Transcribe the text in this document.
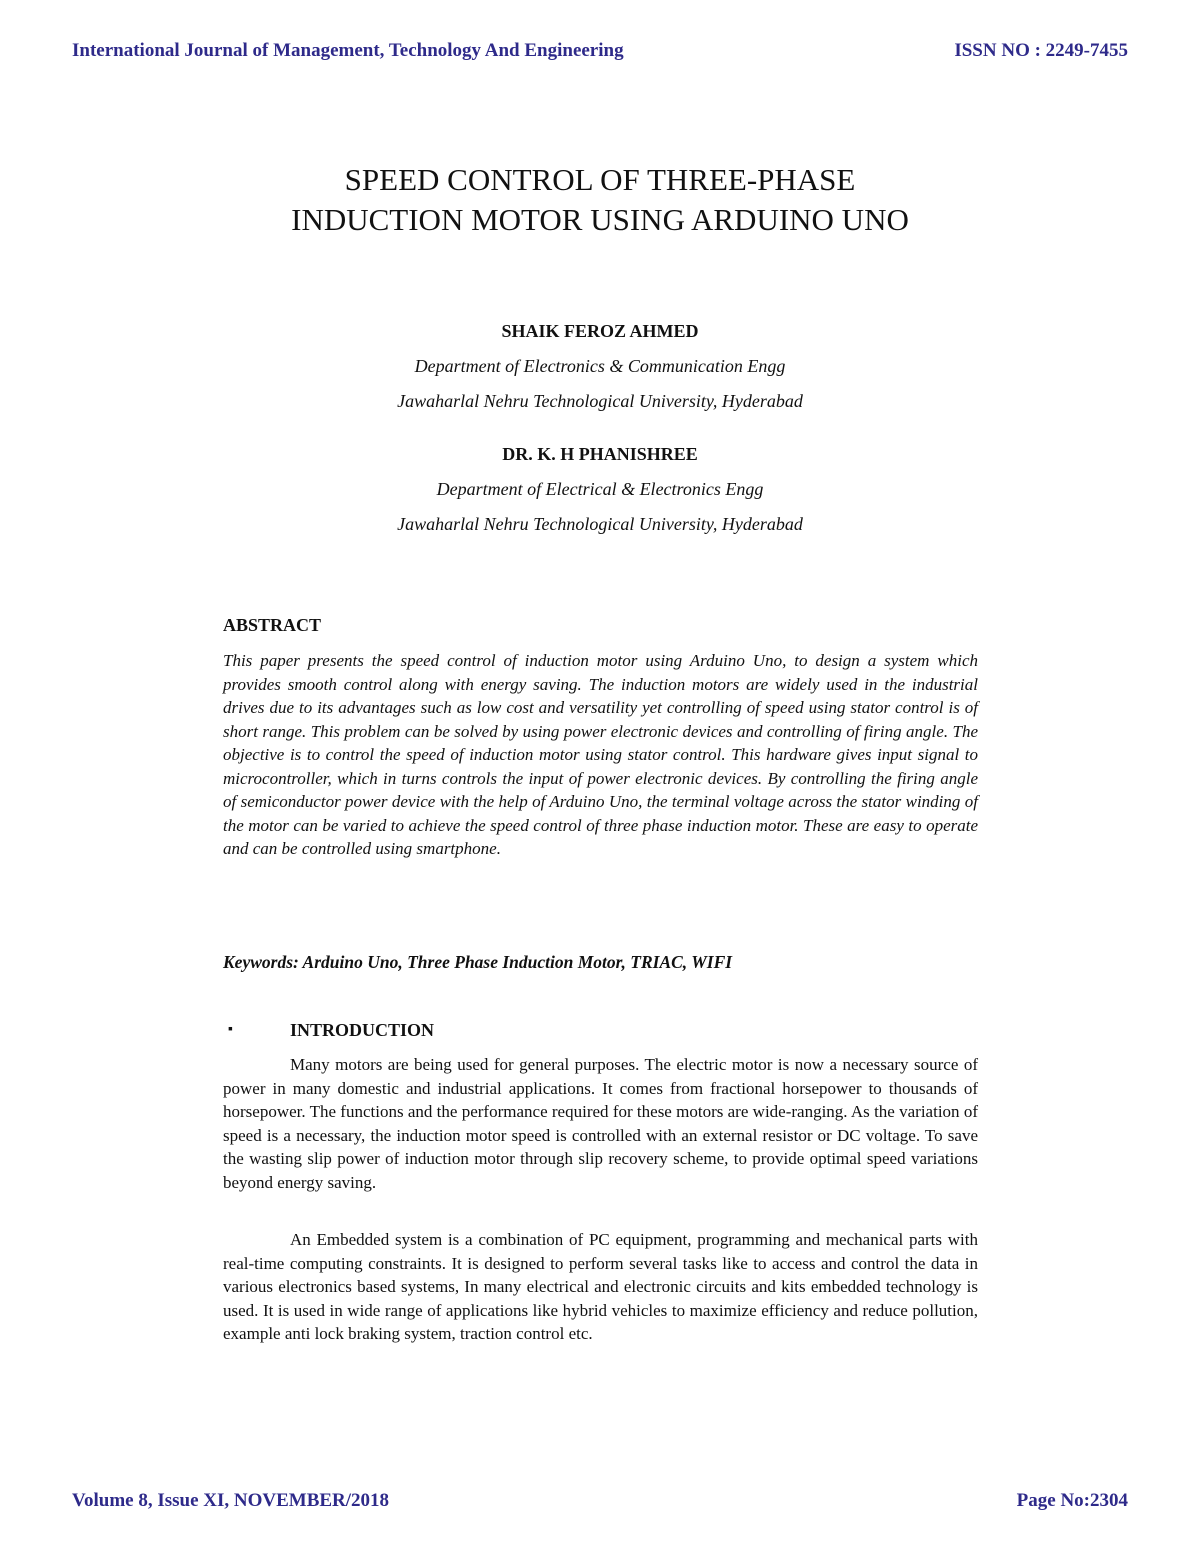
International Journal of Management, Technology And Engineering	ISSN NO : 2249-7455
SPEED CONTROL OF THREE-PHASE
INDUCTION MOTOR USING ARDUINO UNO
SHAIK FEROZ AHMED
Department of Electronics & Communication Engg
Jawaharlal Nehru Technological University, Hyderabad
DR. K. H PHANISHREE
Department of Electrical & Electronics Engg
Jawaharlal Nehru Technological University, Hyderabad
ABSTRACT
This paper presents the speed control of induction motor using Arduino Uno, to design a system which provides smooth control along with energy saving. The induction motors are widely used in the industrial drives due to its advantages such as low cost and versatility yet controlling of speed using stator control is of short range. This problem can be solved by using power electronic devices and controlling of firing angle. The objective is to control the speed of induction motor using stator control. This hardware gives input signal to microcontroller, which in turns controls the input of power electronic devices. By controlling the firing angle of semiconductor power device with the help of Arduino Uno, the terminal voltage across the stator winding of the motor can be varied to achieve the speed control of three phase induction motor. These are easy to operate and can be controlled using smartphone.
Keywords: Arduino Uno, Three Phase Induction Motor, TRIAC, WIFI
▪	INTRODUCTION
Many motors are being used for general purposes. The electric motor is now a necessary source of power in many domestic and industrial applications. It comes from fractional horsepower to thousands of horsepower. The functions and the performance required for these motors are wide-ranging. As the variation of speed is a necessary, the induction motor speed is controlled with an external resistor or DC voltage. To save the wasting slip power of induction motor through slip recovery scheme, to provide optimal speed variations beyond energy saving.
An Embedded system is a combination of PC equipment, programming and mechanical parts with real-time computing constraints. It is designed to perform several tasks like to access and control the data in various electronics based systems, In many electrical and electronic circuits and kits embedded technology is used. It is used in wide range of applications like hybrid vehicles to maximize efficiency and reduce pollution, example anti lock braking system, traction control etc.
Volume 8, Issue XI, NOVEMBER/2018	Page No:2304
